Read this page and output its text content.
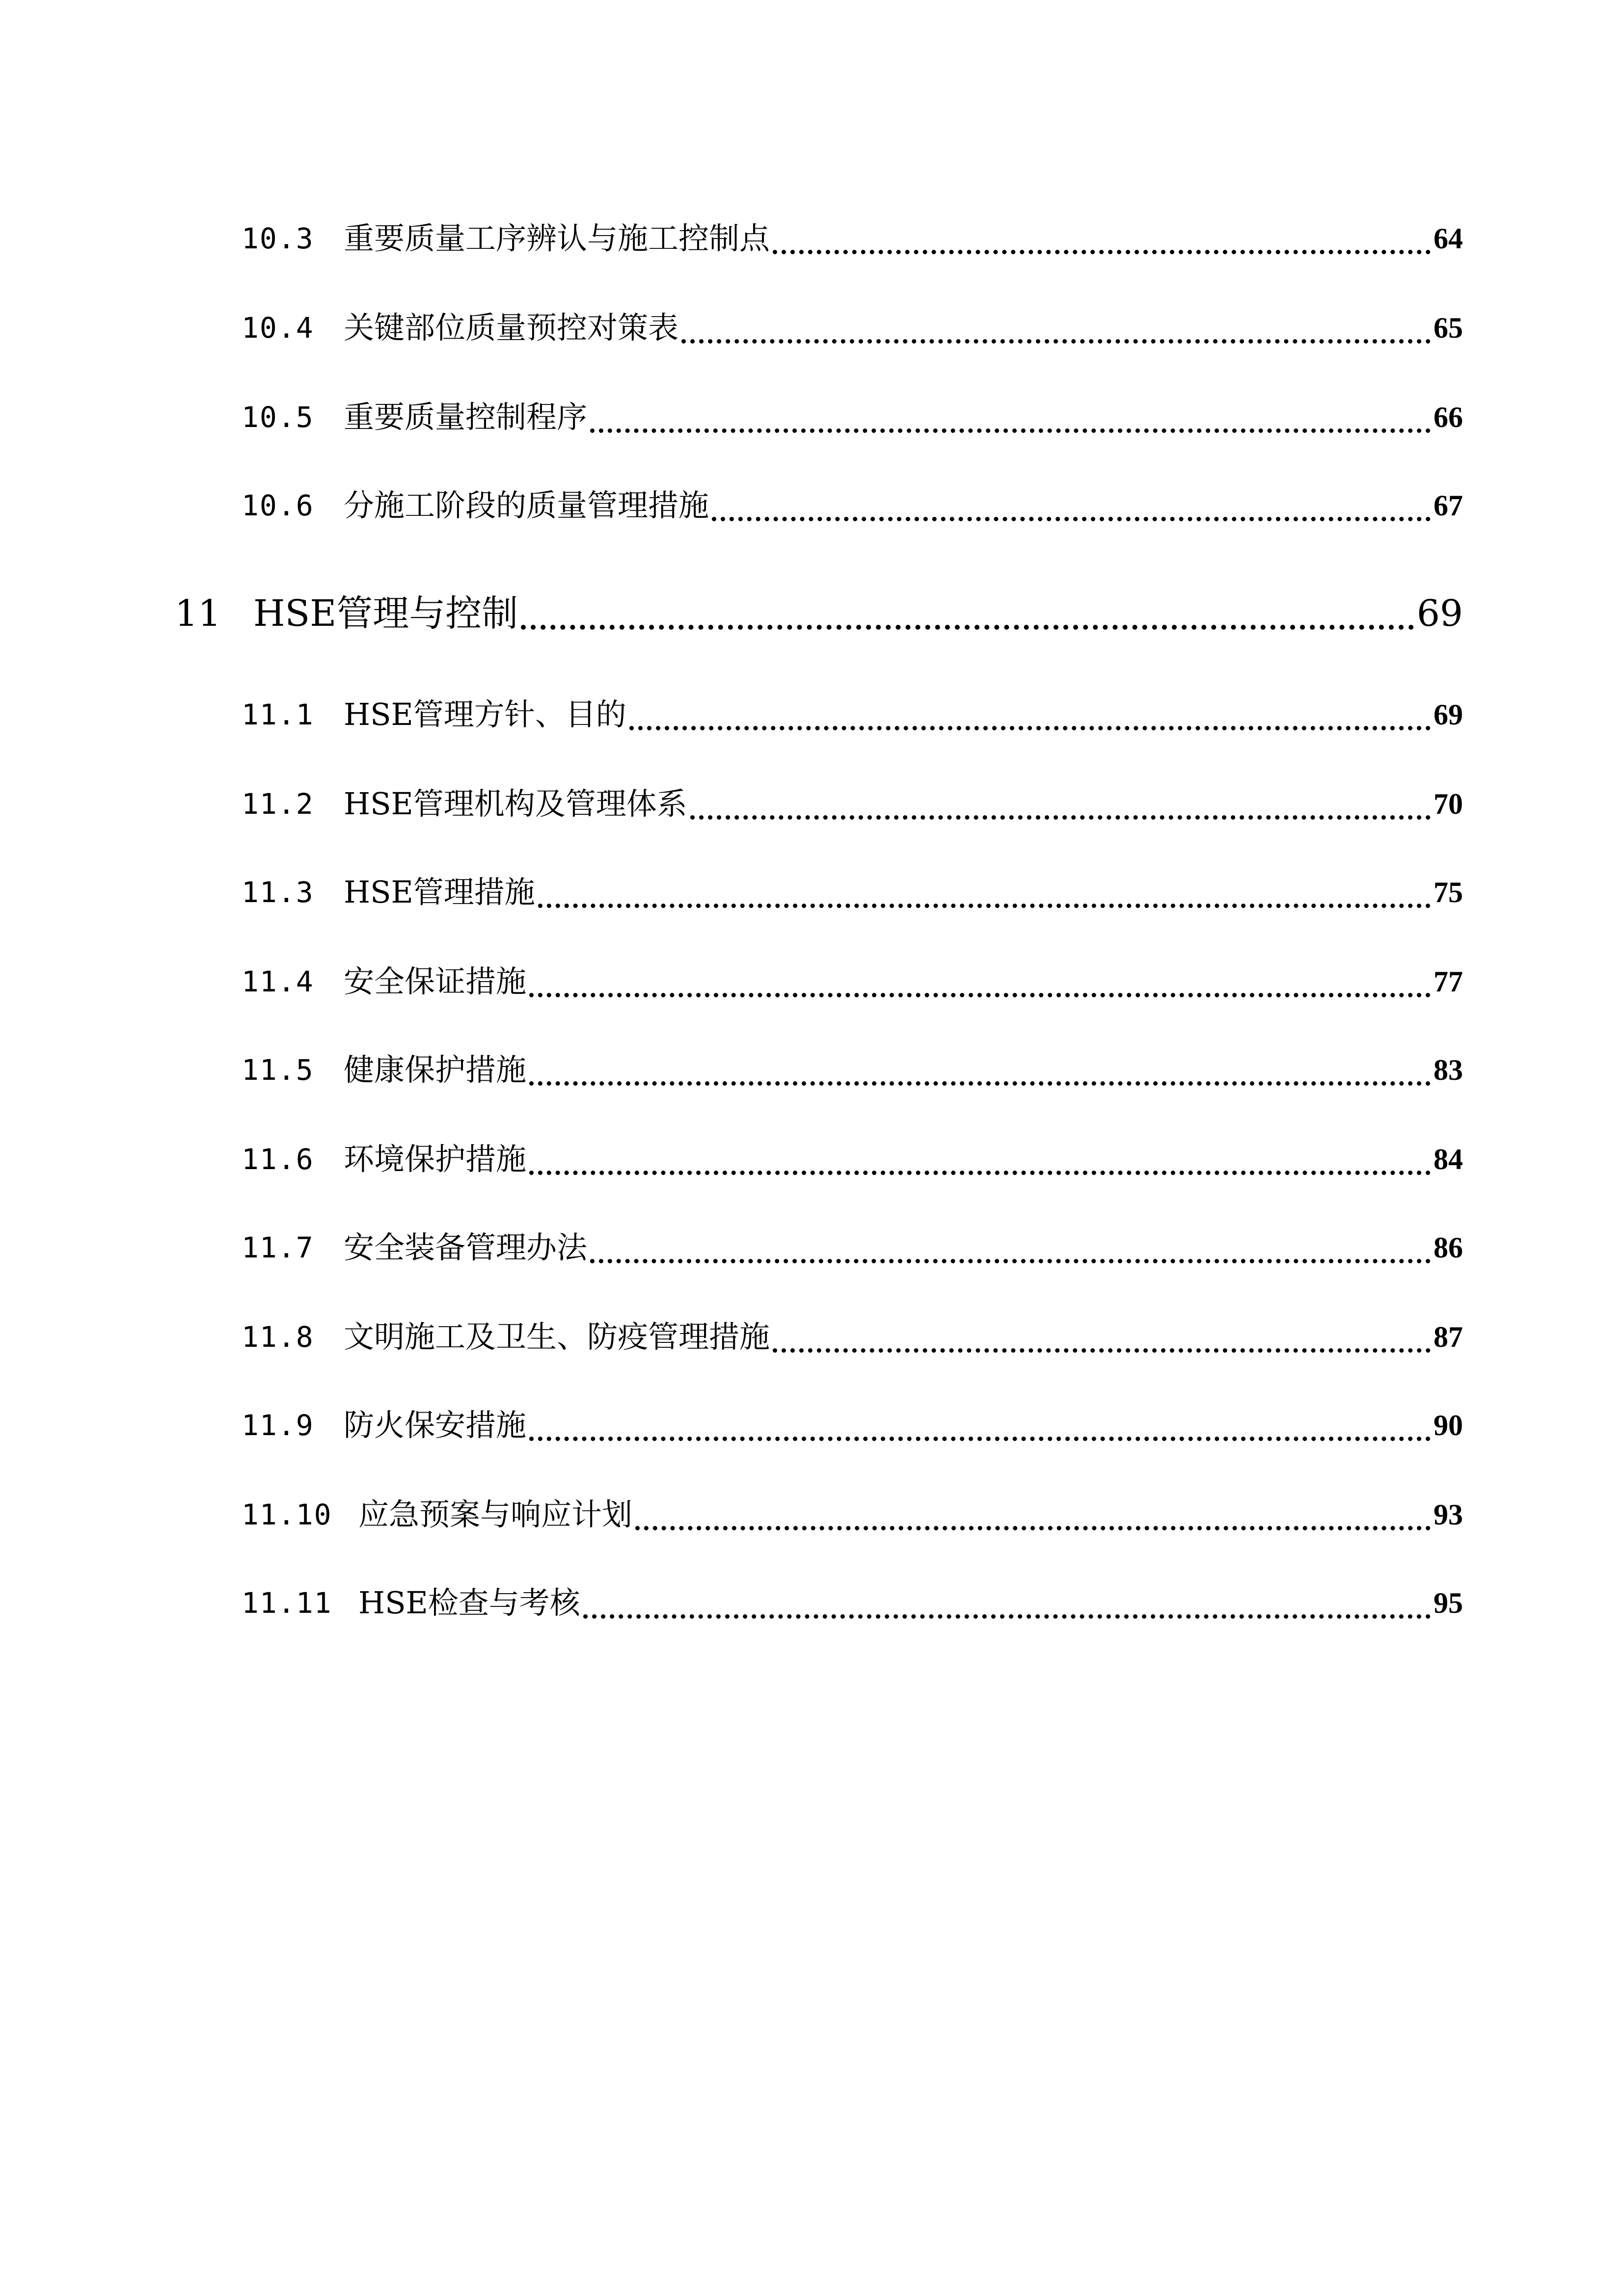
10.3 重要质量工序辨认与施工控制点	64
10.4 关键部位质量预控对策表	65
10.5 重要质量控制程序	66
10.6 分施工阶段的质量管理措施	67
11 HSE管理与控制	69
11.1 HSE管理方针、目的	69
11.2 HSE管理机构及管理体系	70
11.3 HSE管理措施	75
11.4 安全保证措施	77
11.5 健康保护措施	83
11.6 环境保护措施	84
11.7 安全装备管理办法	86
11.8 文明施工及卫生、防疫管理措施	87
11.9 防火保安措施	90
11.10 应急预案与响应计划	93
11.11 HSE检查与考核	95
